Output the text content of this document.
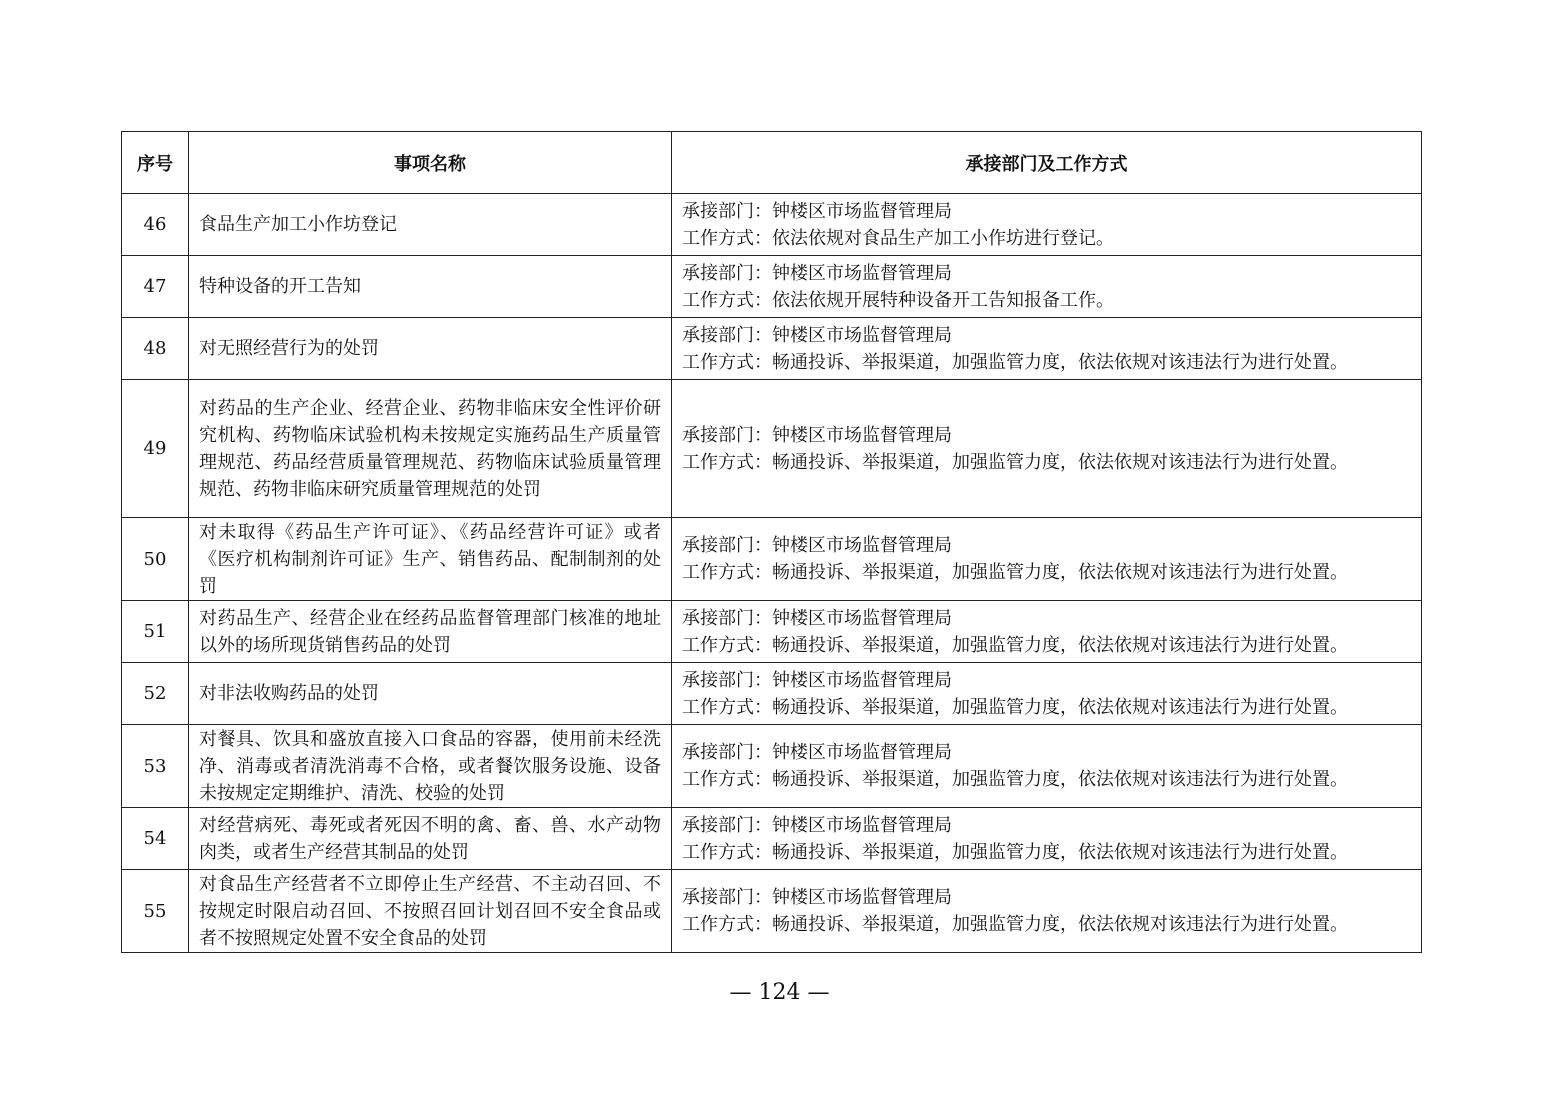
序号	事项名称	承接部门及工作方式
46	食品生产加工小作坊登记	承接部门：钟楼区市场监督管理局
工作方式：依法依规对食品生产加工小作坊进行登记。

47	特种设备的开工告知	承接部门：钟楼区市场监督管理局
工作方式：依法依规开展特种设备开工告知报备工作。

48	对无照经营行为的处罚	承接部门：钟楼区市场监督管理局
工作方式：畅通投诉、举报渠道，加强监管力度，依法依规对该违法行为进行处置。

49	对药品的生产企业、经营企业、药物非临床安全性评价研究机构、药物临床试验机构未按规定实施药品生产质量管理规范、药品经营质量管理规范、药物临床试验质量管理规范、药物非临床研究质量管理规范的处罚	承接部门：钟楼区市场监督管理局
工作方式：畅通投诉、举报渠道，加强监管力度，依法依规对该违法行为进行处置。

50	对未取得《药品生产许可证》、《药品经营许可证》或者《医疗机构制剂许可证》生产、销售药品、配制制剂的处罚	承接部门：钟楼区市场监督管理局
工作方式：畅通投诉、举报渠道，加强监管力度，依法依规对该违法行为进行处置。

51	对药品生产、经营企业在经药品监督管理部门核准的地址以外的场所现货销售药品的处罚	承接部门：钟楼区市场监督管理局
工作方式：畅通投诉、举报渠道，加强监管力度，依法依规对该违法行为进行处置。

52	对非法收购药品的处罚	承接部门：钟楼区市场监督管理局
工作方式：畅通投诉、举报渠道，加强监管力度，依法依规对该违法行为进行处置。

53	对餐具、饮具和盛放直接入口食品的容器，使用前未经洗净、消毒或者清洗消毒不合格，或者餐饮服务设施、设备未按规定定期维护、清洗、校验的处罚	承接部门：钟楼区市场监督管理局
工作方式：畅通投诉、举报渠道，加强监管力度，依法依规对该违法行为进行处置。

54	对经营病死、毒死或者死因不明的禽、畜、兽、水产动物肉类，或者生产经营其制品的处罚	承接部门：钟楼区市场监督管理局
工作方式：畅通投诉、举报渠道，加强监管力度，依法依规对该违法行为进行处置。

55	对食品生产经营者不立即停止生产经营、不主动召回、不按规定时限启动召回、不按照召回计划召回不安全食品或者不按照规定处置不安全食品的处罚	承接部门：钟楼区市场监督管理局
工作方式：畅通投诉、举报渠道，加强监管力度，依法依规对该违法行为进行处置。
— 124 —
